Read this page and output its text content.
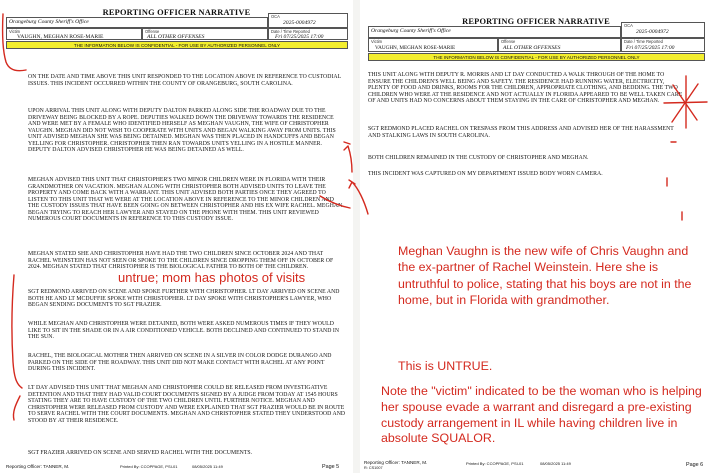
REPORTING OFFICER NARRATIVE
Orangeburg County Sheriff's Office
OCA
2025-0004972
Victim
VAUGHN, MEGHAN ROSE-MARIE
Offense
ALL OTHER OFFENSES
Date / Time Reported
Fri 07/25/2025 17:00
THE INFORMATION BELOW IS CONFIDENTIAL - FOR USE BY AUTHORIZED PERSONNEL ONLY
ON THE DATE AND TIME ABOVE THIS UNIT RESPONDED TO THE LOCATION ABOVE IN REFERENCE TO CUSTODIAL ISSUES. THIS INCIDENT OCCURRED WITHIN THE COUNTY OF ORANGEBURG, SOUTH CAROLINA.
UPON ARRIVAL THIS UNIT ALONG WITH DEPUTY DALTON PARKED ALONG SIDE THE ROADWAY DUE TO THE DRIVEWAY BEING BLOCKED BY A ROPE. DEPUTIES WALKED DOWN THE DRIVEWAY TOWARDS THE RESIDENCE AND WERE MET BY A FEMALE WHO IDENTIFIED HERSELF AS MEGHAN VAUGHN, THE WIFE OF CHRISTOPHER VAUGHN. MEGHAN DID NOT WISH TO COOPERATE WITH UNITS AND BEGAN WALKING AWAY FROM UNITS. THIS UNIT ADVISED MEGHAN SHE WAS BEING DETAINED. MEGHAN WAS THEN PLACED IN HANDCUFFS AND BEGAN YELLING FOR CHRISTOPHER. CHRISTOPHER THEN RAN TOWARDS UNITS YELLING IN A HOSTILE MANNER. DEPUTY DALTON ADVISED CHRISTOPHER HE WAS BEING DETAINED AS WELL.
MEGHAN ADVISED THIS UNIT THAT CHRISTOPHER'S TWO MINOR CHILDREN WERE IN FLORIDA WITH THEIR GRANDMOTHER ON VACATION. MEGHAN ALONG WITH CHRISTOPHER BOTH ADVISED UNITS TO LEAVE THE PROPERTY AND COME BACK WITH A WARRANT. THIS UNIT ADVISED BOTH PARTIES ONCE THEY AGREED TO LISTEN TO THIS UNIT THAT WE WERE AT THE LOCATION ABOVE IN REFERENCE TO THE MINOR CHILDREN AND THE CUSTODY ISSUES THAT HAVE BEEN GOING ON BETWEEN CHRISTOPHER AND HIS EX WIFE RACHEL. MEGHAN BEGAN TRYING TO REACH HER LAWYER AND STAYED ON THE PHONE WITH THEM. THIS UNIT REVIEWED NUMEROUS COURT DOCUMENTS IN REFERENCE TO THIS CUSTODY ISSUE.
MEGHAN STATED SHE AND CHRISTOPHER HAVE HAD THE TWO CHILDREN SINCE OCTOBER 2024 AND THAT RACHEL WEINSTEIN HAS NOT SEEN OR SPOKE TO THE CHILDREN SINCE DROPPING THEM OFF IN OCTOBER OF 2024. MEGHAN STATED THAT CHRISTOPHER IS THE BIOLOGICAL FATHER TO BOTH OF THE CHILDREN.
SGT REDMOND ARRIVED ON SCENE AND SPOKE FURTHER WITH CHRISTOPHER. LT DAY ARRIVED ON SCENE AND BOTH HE AND LT MCDUFFIE SPOKE WITH CHRISTOPHER. LT DAY SPOKE WITH CHRISTOPHER'S LAWYER, WHO BEGAN SENDING DOCUMENTS TO SGT FRAZIER.
WHILE MEGHAN AND CHRISTOPHER WERE DETAINED, BOTH WERE ASKED NUMEROUS TIMES IF THEY WOULD LIKE TO SIT IN THE SHADE OR IN A AIR CONDITIONED VEHICLE. BOTH DECLINED AND CONTINUED TO STAND IN THE SUN.
RACHEL, THE BIOLOGICAL MOTHER THEN ARRIVED ON SCENE IN A SILVER IN COLOR DODGE DURANGO AND PARKED ON THE SIDE OF THE ROADWAY. THIS UNIT DID NOT MAKE CONTACT WITH RACHEL AT ANY POINT DURING THIS INCIDENT.
LT DAY ADVISED THIS UNIT THAT MEGHAN AND CHRISTOPHER COULD BE RELEASED FROM INVESTIGATIVE DETENTION AND THAT THEY HAD VALID COURT DOCUMENTS SIGNED BY A JUDGE FROM TODAY AT 1545 HOURS STATING THEY ARE TO HAVE CUSTODY OF THE TWO CHILDREN UNTIL FURTHER NOTICE. MEGHAN AND CHRISTOPHER WERE RELEASED FROM CUSTODY AND WERE EXPLAINED THAT SGT FRAZIER WOULD BE IN ROUTE TO SERVE RACHEL WITH THE COURT DOCUMENTS. MEGHAN AND CHRISTOPHER STATED THEY UNDERSTOOD AND STOOD BY AT THEIR RESIDENCE.
SGT FRAZIER ARRIVED ON SCENE AND SERVED RACHEL WITH THE DOCUMENTS.
Reporting Officer: TANNER, M.	Printed By: CCOPPAGE, PSI-01	08/05/2025 11:49	Page 5
REPORTING OFFICER NARRATIVE
Orangeburg County Sheriff's Office
OCA
2025-0004972
Victim
VAUGHN, MEGHAN ROSE-MARIE
Offense
ALL OTHER OFFENSES
Date / Time Reported
Fri 07/25/2025 17:00
THE INFORMATION BELOW IS CONFIDENTIAL - FOR USE BY AUTHORIZED PERSONNEL ONLY
THIS UNIT ALONG WITH DEPUTY R. MORRIS AND LT DAY CONDUCTED A WALK THROUGH OF THE HOME TO ENSURE THE CHILDREN'S WELL BEING AND SAFETY. THE RESIDENCE HAD RUNNING WATER, ELECTRICITY, PLENTY OF FOOD AND DRINKS, ROOMS FOR THE CHILDREN, APPROPRIATE CLOTHING, AND BEDDING. THE TWO CHILDREN WHO WERE AT THE RESIDENCE AND NOT ACTUALLY IN FLORIDA APPEARED TO BE WELL TAKEN CARE OF AND UNITS HAD NO CONCERNS ABOUT THEM STAYING IN THE CARE OF CHRISTOPHER AND MEGHAN.
SGT REDMOND PLACED RACHEL ON TRESPASS FROM THIS ADDRESS AND ADVISED HER OF THE HARASSMENT AND STALKING LAWS IN SOUTH CAROLINA.
BOTH CHILDREN REMAINED IN THE CUSTODY OF CHRISTOPHER AND MEGHAN.
THIS INCIDENT WAS CAPTURED ON MY DEPARTMENT ISSUED BODY WORN CAMERA.
Reporting Officer: TANNER, M.
R: CS1007
Printed By: CCOPPAGE, PSI-01	08/05/2025 11:49	Page 6
untrue; mom has photos of visits
Meghan Vaughn is the new wife of Chris Vaughn and the ex-partner of Rachel Weinstein. Here she is untruthful to police, stating that his boys are not in the home, but in Florida with grandmother.
This is UNTRUE.
Note the "victim" indicated to be the woman who is helping her spouse evade a warrant and disregard a pre-existing custody arrangement in IL while having children live in absolute SQUALOR.
